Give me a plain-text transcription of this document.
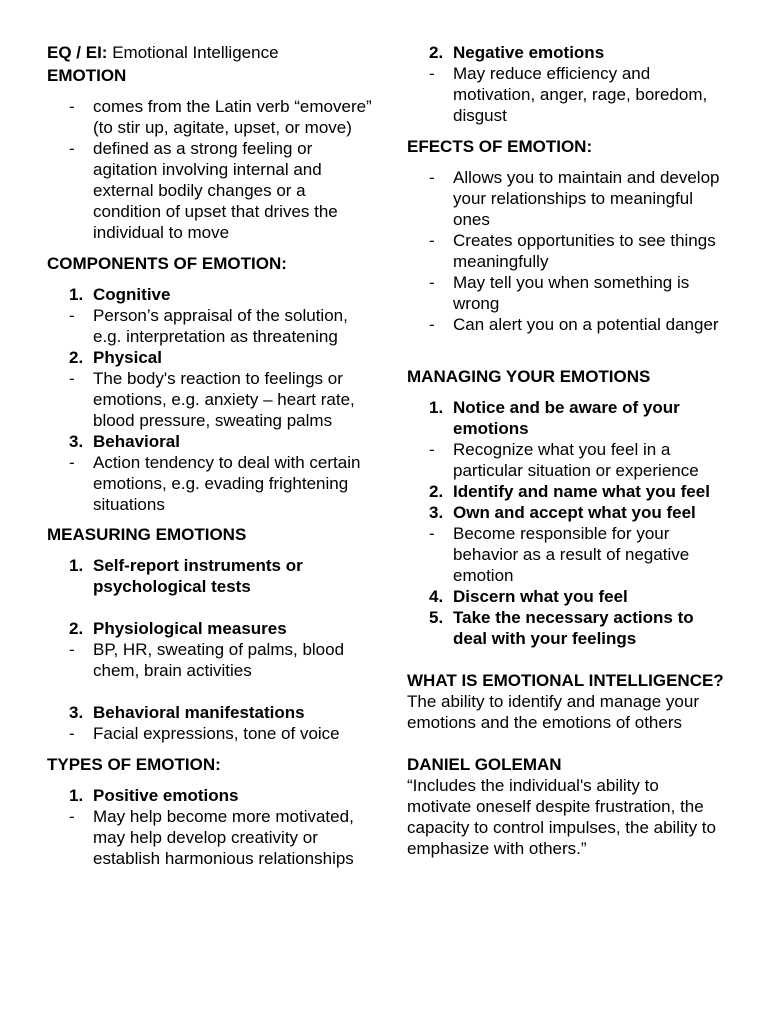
EQ / EI: Emotional Intelligence

EMOTION
- comes from the Latin verb “emovere” (to stir up, agitate, upset, or move)
- defined as a strong feeling or agitation involving internal and external bodily changes or a condition of upset that drives the individual to move
COMPONENTS OF EMOTION:
1. Cognitive
- Person’s appraisal of the solution, e.g. interpretation as threatening
2. Physical
- The body's reaction to feelings or emotions, e.g. anxiety – heart rate, blood pressure, sweating palms
3. Behavioral
- Action tendency to deal with certain emotions, e.g. evading frightening situations
MEASURING EMOTIONS
1. Self-report instruments or psychological tests
2. Physiological measures
- BP, HR, sweating of palms, blood chem, brain activities
3. Behavioral manifestations
- Facial expressions, tone of voice
TYPES OF EMOTION:
1. Positive emotions
- May help become more motivated, may help develop creativity or establish harmonious relationships
2. Negative emotions
- May reduce efficiency and motivation, anger, rage, boredom, disgust
EFECTS OF EMOTION:
- Allows you to maintain and develop your relationships to meaningful ones
- Creates opportunities to see things meaningfully
- May tell you when something is wrong
- Can alert you on a potential danger
MANAGING YOUR EMOTIONS
1. Notice and be aware of your emotions
- Recognize what you feel in a particular situation or experience
2. Identify and name what you feel
3. Own and accept what you feel
- Become responsible for your behavior as a result of negative emotion
4. Discern what you feel
5. Take the necessary actions to deal with your feelings
WHAT IS EMOTIONAL INTELLIGENCE?

The ability to identify and manage your emotions and the emotions of others

DANIEL GOLEMAN

“Includes the individual's ability to motivate oneself despite frustration, the capacity to control impulses, the ability to emphasize with others.”
